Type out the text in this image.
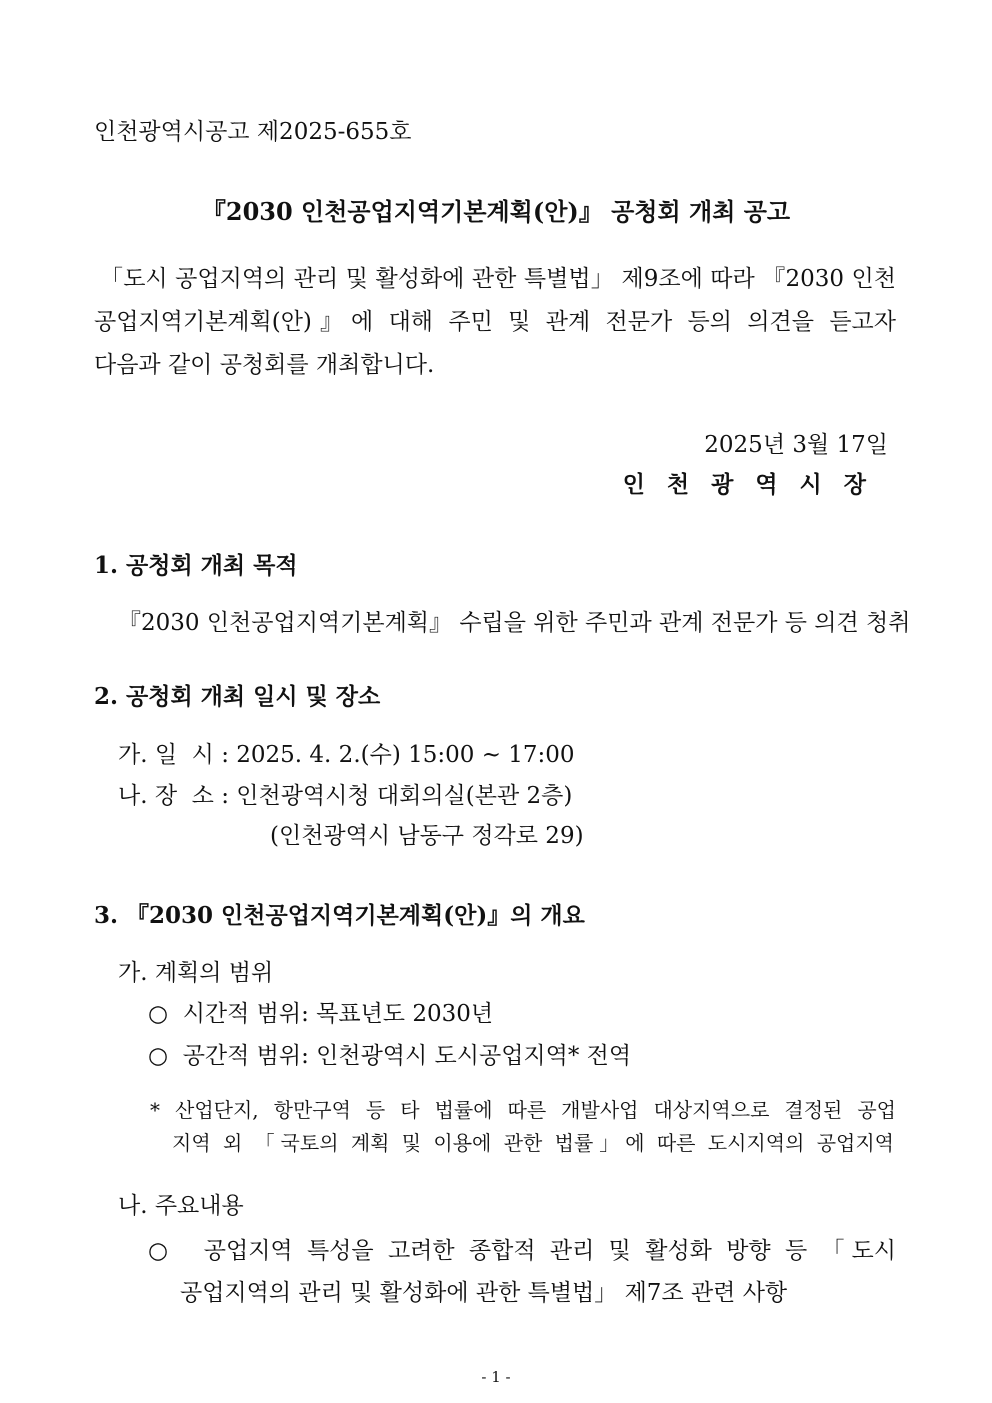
인천광역시공고 제2025-655호
『2030 인천공업지역기본계획(안)』 공청회 개최 공고
「도시 공업지역의 관리 및 활성화에 관한 특별법」 제9조에 따라 『2030 인천
공업지역기본계획(안)』에 대해 주민 및 관계 전문가 등의 의견을 듣고자
다음과 같이 공청회를 개최합니다.
2025년 3월 17일
인천광역시장
1. 공청회 개최 목적
『2030 인천공업지역기본계획』 수립을 위한 주민과 관계 전문가 등 의견 청취
2. 공청회 개최 일시 및 장소
가. 일  시 : 2025. 4. 2.(수) 15:00 ~ 17:00
나. 장  소 : 인천광역시청 대회의실(본관 2층)
(인천광역시 남동구 정각로 29)
3. 『2030 인천공업지역기본계획(안)』의 개요
가. 계획의 범위
○  시간적 범위: 목표년도 2030년
○  공간적 범위: 인천광역시 도시공업지역* 전역
* 산업단지, 항만구역 등 타 법률에 따른 개발사업 대상지역으로 결정된 공업
지역 외 「국토의 계획 및 이용에 관한 법률」에 따른 도시지역의 공업지역
나. 주요내용
○  공업지역 특성을 고려한 종합적 관리 및 활성화 방향 등 「도시
공업지역의 관리 및 활성화에 관한 특별법」 제7조 관련 사항
- 1 -
